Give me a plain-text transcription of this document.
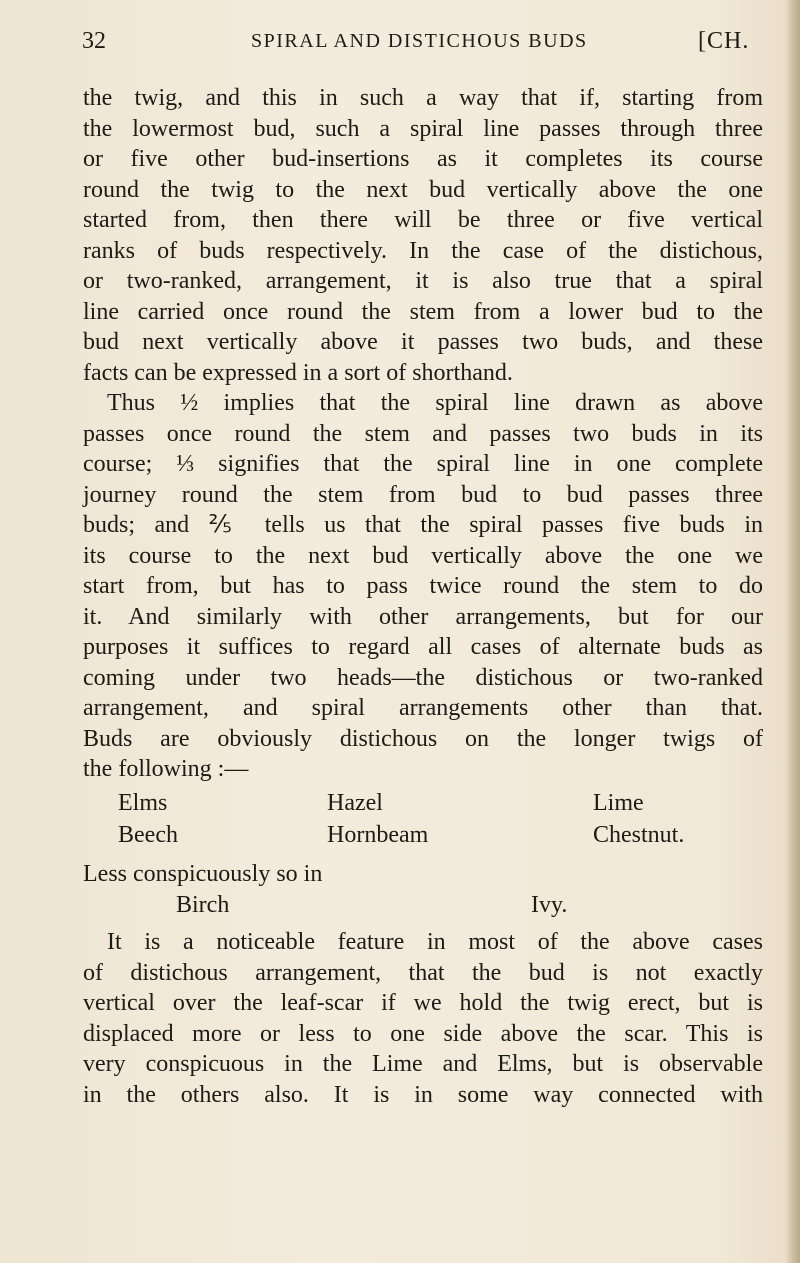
32	SPIRAL AND DISTICHOUS BUDS	[CH.
the twig, and this in such a way that if, starting from
the lowermost bud, such a spiral line passes through three
or five other bud-insertions as it completes its course
round the twig to the next bud vertically above the one
started from, then there will be three or five vertical
ranks of buds respectively. In the case of the distichous,
or two-ranked, arrangement, it is also true that a spiral
line carried once round the stem from a lower bud to the
bud next vertically above it passes two buds, and these
facts can be expressed in a sort of shorthand.
Thus ½ implies that the spiral line drawn as above
passes once round the stem and passes two buds in its
course; ⅓ signifies that the spiral line in one complete
journey round the stem from bud to bud passes three
buds; and ⅖ tells us that the spiral passes five buds in
its course to the next bud vertically above the one we
start from, but has to pass twice round the stem to do
it. And similarly with other arrangements, but for our
purposes it suffices to regard all cases of alternate buds as
coming under two heads—the distichous or two-ranked
arrangement, and spiral arrangements other than that.
Buds are obviously distichous on the longer twigs of
the following :—
Elms	Hazel	Lime
Beech	Hornbeam	Chestnut.
Less conspicuously so in
Birch	Ivy.
It is a noticeable feature in most of the above cases
of distichous arrangement, that the bud is not exactly
vertical over the leaf-scar if we hold the twig erect, but is
displaced more or less to one side above the scar. This is
very conspicuous in the Lime and Elms, but is observable
in the others also. It is in some way connected with
